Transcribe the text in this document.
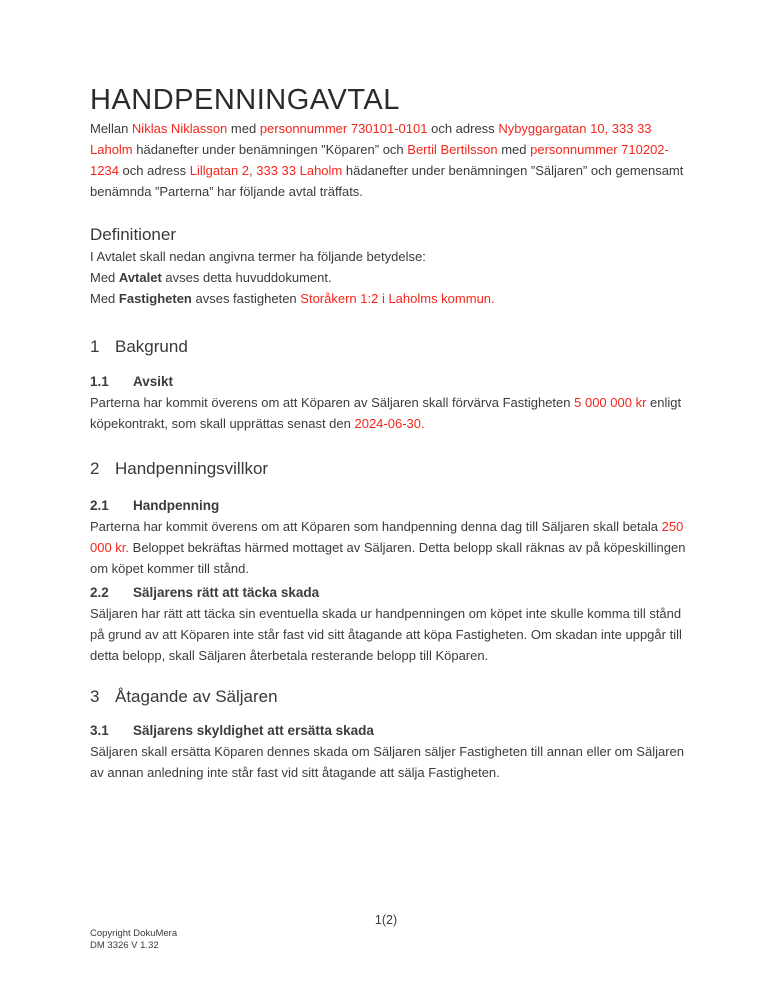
HANDPENNINGAVTAL

Mellan Niklas Niklasson med personnummer 730101-0101 och adress Nybyggargatan 10, 333 33 Laholm hädanefter under benämningen ”Köparen” och Bertil Bertilsson med personnummer 710202-1234 och adress Lillgatan 2, 333 33 Laholm hädanefter under benämningen ”Säljaren” och gemensamt benämnda ”Parterna” har följande avtal träffats.

Definitioner

I Avtalet skall nedan angivna termer ha följande betydelse:

Med Avtalet avses detta huvuddokument.

Med Fastigheten avses fastigheten Storåkern 1:2 i Laholms kommun.

1 Bakgrund
1.1 Avsikt

Parterna har kommit överens om att Köparen av Säljaren skall förvärva Fastigheten 5 000 000 kr enligt köpekontrakt, som skall upprättas senast den 2024-06-30.

2 Handpenningsvillkor
2.1 Handpenning

Parterna har kommit överens om att Köparen som handpenning denna dag till Säljaren skall betala 250 000 kr. Beloppet bekräftas härmed mottaget av Säljaren. Detta belopp skall räknas av på köpeskillingen om köpet kommer till stånd.

2.2 Säljarens rätt att täcka skada

Säljaren har rätt att täcka sin eventuella skada ur handpenningen om köpet inte skulle komma till stånd på grund av att Köparen inte står fast vid sitt åtagande att köpa Fastigheten. Om skadan inte uppgår till detta belopp, skall Säljaren återbetala resterande belopp till Köparen.

3 Åtagande av Säljaren
3.1 Säljarens skyldighet att ersätta skada

Säljaren skall ersätta Köparen dennes skada om Säljaren säljer Fastigheten till annan eller om Säljaren av annan anledning inte står fast vid sitt åtagande att sälja Fastigheten.

1(2)
Copyright DokuMera
DM 3326 V 1.32
